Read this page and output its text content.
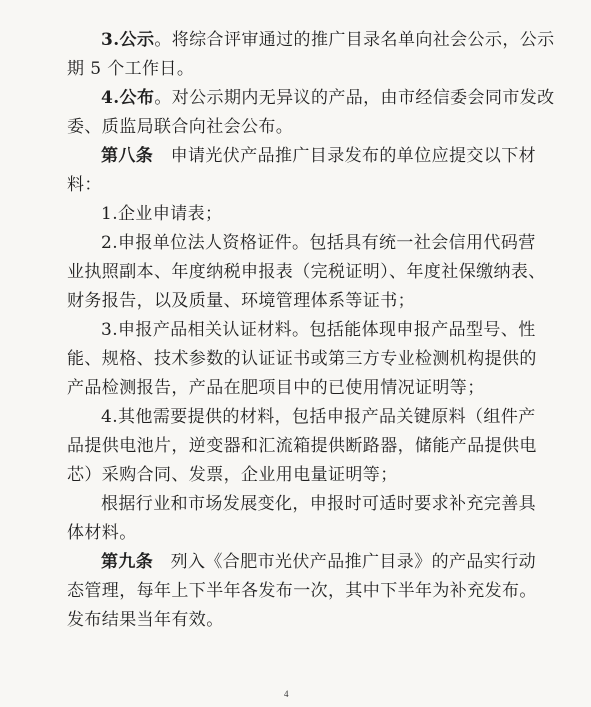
3.公示。将综合评审通过的推广目录名单向社会公示，公示
期 5 个工作日。
4.公布。对公示期内无异议的产品，由市经信委会同市发改
委、质监局联合向社会公布。
第八条　申请光伏产品推广目录发布的单位应提交以下材
料：
1.企业申请表；
2.申报单位法人资格证件。包括具有统一社会信用代码营
业执照副本、年度纳税申报表（完税证明）、年度社保缴纳表、
财务报告，以及质量、环境管理体系等证书；
3.申报产品相关认证材料。包括能体现申报产品型号、性
能、规格、技术参数的认证证书或第三方专业检测机构提供的
产品检测报告，产品在肥项目中的已使用情况证明等；
4.其他需要提供的材料，包括申报产品关键原料（组件产
品提供电池片，逆变器和汇流箱提供断路器，储能产品提供电
芯）采购合同、发票，企业用电量证明等；
根据行业和市场发展变化，申报时可适时要求补充完善具
体材料。
第九条　列入《合肥市光伏产品推广目录》的产品实行动
态管理，每年上下半年各发布一次，其中下半年为补充发布。
发布结果当年有效。
4
